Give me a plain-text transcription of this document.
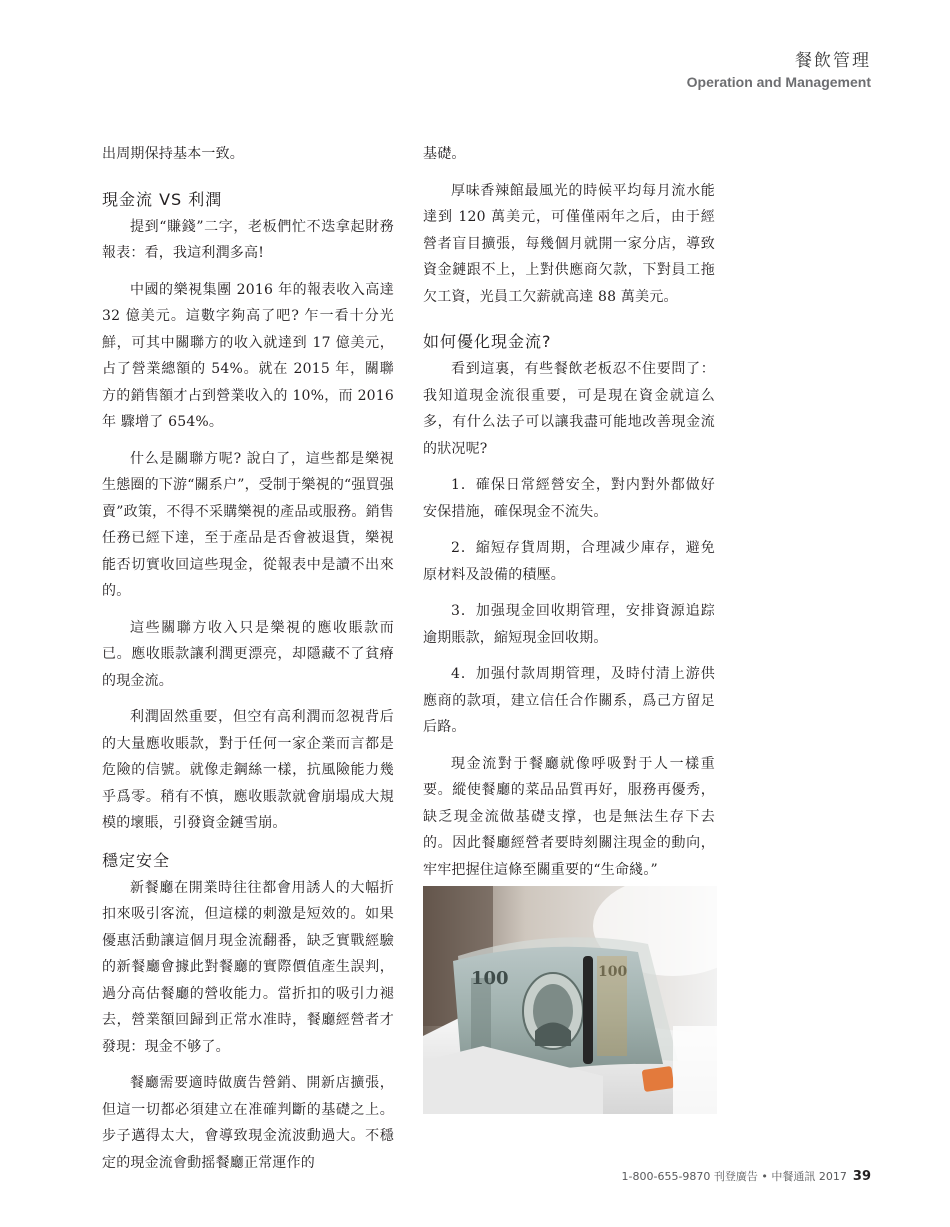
餐飲管理
Operation and Management

出周期保持基本一致。

現金流 VS 利潤

提到“賺錢”二字，老板們忙不迭拿起財務報表：看，我這利潤多高!

中國的樂視集團 2016 年的報表收入高達 32 億美元。這數字夠高了吧? 乍一看十分光鮮，可其中關聯方的收入就達到 17 億美元，占了營業總額的 54%。就在 2015 年，關聯方的銷售額才占到營業收入的 10%，而 2016 年 驟增了 654%。

什么是關聯方呢? 說白了，這些都是樂視生態圈的下游“關系户”，受制于樂視的“强買强賣”政策，不得不采購樂視的產品或服務。銷售任務已經下達，至于產品是否會被退貨，樂視能否切實收回這些現金，從報表中是讀不出來的。

這些關聯方收入只是樂視的應收賬款而已。應收賬款讓利潤更漂亮，却隱藏不了貧瘠的現金流。

利潤固然重要，但空有高利潤而忽視背后的大量應收賬款，對于任何一家企業而言都是危險的信號。就像走鋼絲一樣，抗風險能力幾乎爲零。稍有不慎，應收賬款就會崩塌成大規模的壞賬，引發資金鏈雪崩。

穩定安全

新餐廳在開業時往往都會用誘人的大幅折扣來吸引客流，但這樣的刺激是短效的。如果優惠活動讓這個月現金流翻番，缺乏實戰經驗的新餐廳會據此對餐廳的實際價值產生誤判，過分高估餐廳的營收能力。當折扣的吸引力褪去，營業額回歸到正常水准時，餐廳經營者才發現：現金不够了。

餐廳需要適時做廣告營銷、開新店擴張，但這一切都必須建立在准確判斷的基礎之上。步子邁得太大，會導致現金流波動過大。不穩定的現金流會動摇餐廳正常運作的

基礎。

厚味香辣館最風光的時候平均每月流水能達到 120 萬美元，可僅僅兩年之后，由于經營者盲目擴張，每幾個月就開一家分店，導致資金鏈跟不上，上對供應商欠款，下對員工拖欠工資，光員工欠薪就高達 88 萬美元。

如何優化現金流?

看到這裏，有些餐飲老板忍不住要問了：我知道現金流很重要，可是現在資金就這么多，有什么法子可以讓我盡可能地改善現金流的狀况呢?

1．確保日常經營安全，對内對外都做好安保措施，確保現金不流失。

2．縮短存貨周期，合理减少庫存，避免原材料及設備的積壓。

3．加强現金回收期管理，安排資源追踪逾期賬款，縮短現金回收期。

4．加强付款周期管理，及時付清上游供應商的款項，建立信任合作關系，爲己方留足后路。

現金流對于餐廳就像呼吸對于人一樣重要。縱使餐廳的菜品品質再好，服務再優秀，缺乏現金流做基礎支撑，也是無法生存下去的。因此餐廳經營者要時刻關注現金的動向，牢牢把握住這條至關重要的“生命綫。”

100	100
1-800-655-9870 刊登廣告 • 中餐通訊 2017 39
